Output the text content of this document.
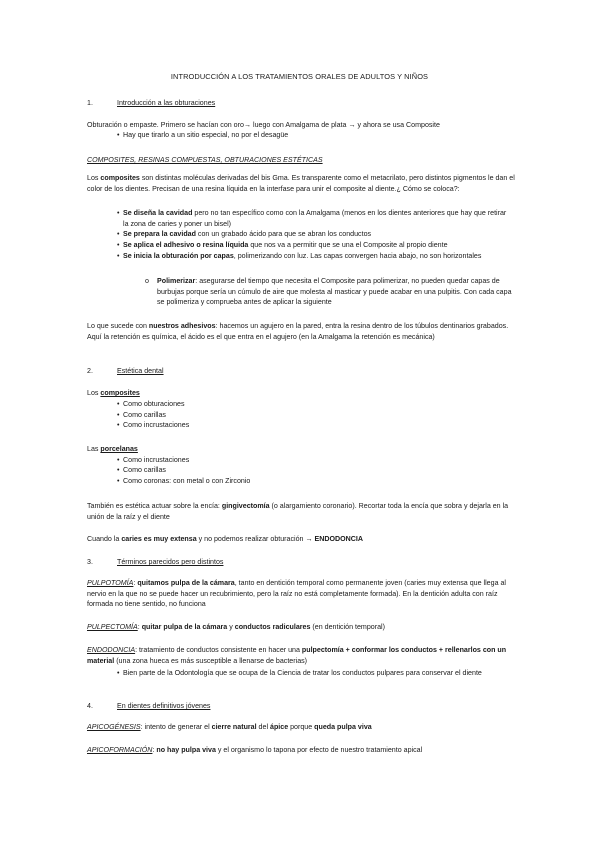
INTRODUCCIÓN A LOS TRATAMIENTOS ORALES DE ADULTOS Y NIÑOS
1.	Introducción a las obturaciones
Obturación o empaste. Primero se hacían con oro→ luego con Amalgama de plata → y ahora se usa Composite
• Hay que tirarlo a un sitio especial, no por el desagüe
COMPOSITES, RESINAS COMPUESTAS, OBTURACIONES ESTÉTICAS
Los composites son distintas moléculas derivadas del bis Gma. Es transparente como el metacrilato, pero distintos pigmentos le dan el color de los dientes. Precisan de una resina líquida en la interfase para unir el composite al diente.¿ Cómo se coloca?:
• Se diseña la cavidad pero no tan específico como con la Amalgama (menos en los dientes anteriores que hay que retirar la zona de caries y poner un bisel)
• Se prepara la cavidad con un grabado ácido para que se abran los conductos
• Se aplica el adhesivo o resina líquida que nos va a permitir que se una el Composite al propio diente
• Se inicia la obturación por capas, polimerizando con luz. Las capas convergen hacia abajo, no son horizontales
o Polimerizar: asegurarse del tiempo que necesita el Composite para polimerizar, no pueden quedar capas de burbujas porque sería un cúmulo de aire que molesta al masticar y puede acabar en una pulpitis. Con cada capa se polimeriza y comprueba antes de aplicar la siguiente
Lo que sucede con nuestros adhesivos: hacemos un agujero en la pared, entra la resina dentro de los túbulos dentinarios grabados. Aquí la retención es química, el ácido es el que entra en el agujero (en la Amalgama la retención es mecánica)
2.	Estética dental
Los composites
• Como obturaciones
• Como carillas
• Como incrustaciones
Las porcelanas
• Como incrustaciones
• Como carillas
• Como coronas: con metal o con Zirconio
También es estética actuar sobre la encía: gingivectomía (o alargamiento coronario). Recortar toda la encía que sobra y dejarla en la unión de la raíz y el diente
Cuando la caries es muy extensa y no podemos realizar obturación → ENDODONCIA
3.	Términos parecidos pero distintos
PULPOTOMÍA: quitamos pulpa de la cámara, tanto en dentición temporal como permanente joven (caries muy extensa que llega al nervio en la que no se puede hacer un recubrimiento, pero la raíz no está completamente formada). En la dentición adulta con raíz formada no tiene sentido, no funciona
PULPECTOMÍA: quitar pulpa de la cámara y conductos radiculares (en dentición temporal)
ENDODONCIA: tratamiento de conductos consistente en hacer una pulpectomía + conformar los conductos + rellenarlos con un material (una zona hueca es más susceptible a llenarse de bacterias)
• Bien parte de la Odontología que se ocupa de la Ciencia de tratar los conductos pulpares para conservar el diente
4.	En dientes definitivos jóvenes
APICOGÉNESIS: intento de generar el cierre natural del ápice porque queda pulpa viva
APICOFORMACIÓN: no hay pulpa viva y el organismo lo tapona por efecto de nuestro tratamiento apical
